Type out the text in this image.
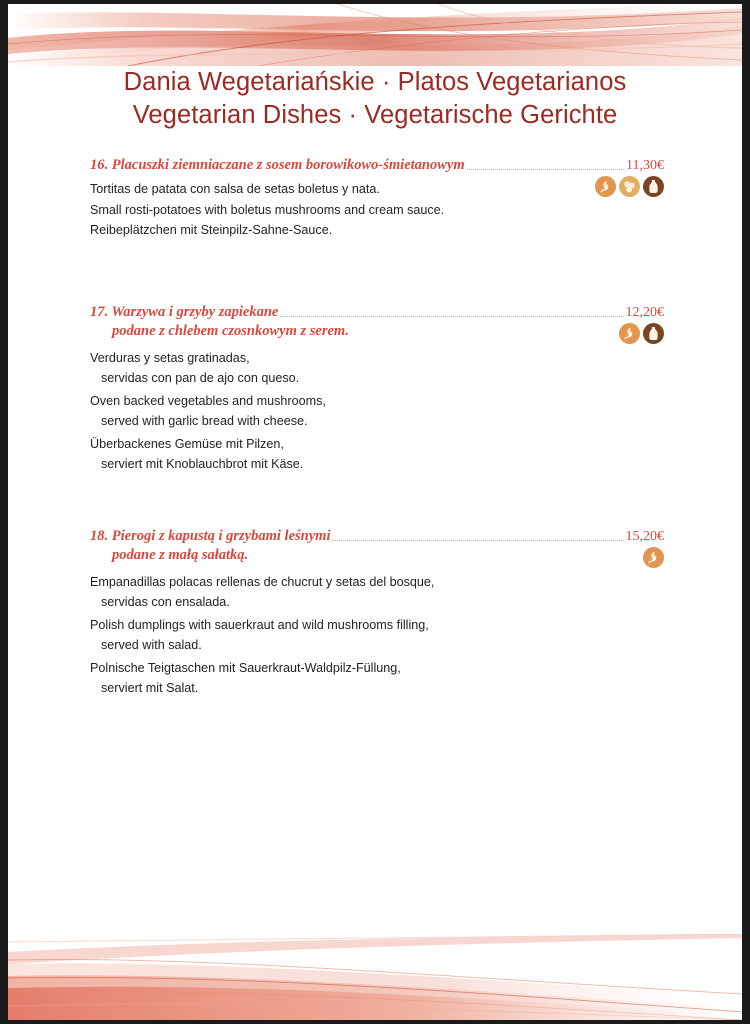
Dania Wegetariańskie · Platos Vegetarianos
Vegetarian Dishes · Vegetarische Gerichte
16. Placuszki ziemniaczane z sosem borowikowo-śmietanowym	11,30€
Tortitas de patata con salsa de setas boletus y nata.
Small rosti-potatoes with boletus mushrooms and cream sauce.
Reibeplätzchen mit Steinpilz-Sahne-Sauce.
17. Warzywa i grzyby zapiekane	12,20€
podane z chlebem czosnkowym z serem.
Verduras y setas gratinadas,
servidas con pan de ajo con queso.
Oven backed vegetables and mushrooms,
served with garlic bread with cheese.
Überbackenes Gemüse mit Pilzen,
serviert mit Knoblauchbrot mit Käse.
18. Pierogi z kapustą i grzybami leśnymi	15,20€
podane z małą sałatką.
Empanadillas polacas rellenas de chucrut y setas del bosque,
servidas con ensalada.
Polish dumplings with sauerkraut and wild mushrooms filling,
served with salad.
Polnische Teigtaschen mit Sauerkraut-Waldpilz-Füllung,
serviert mit Salat.
